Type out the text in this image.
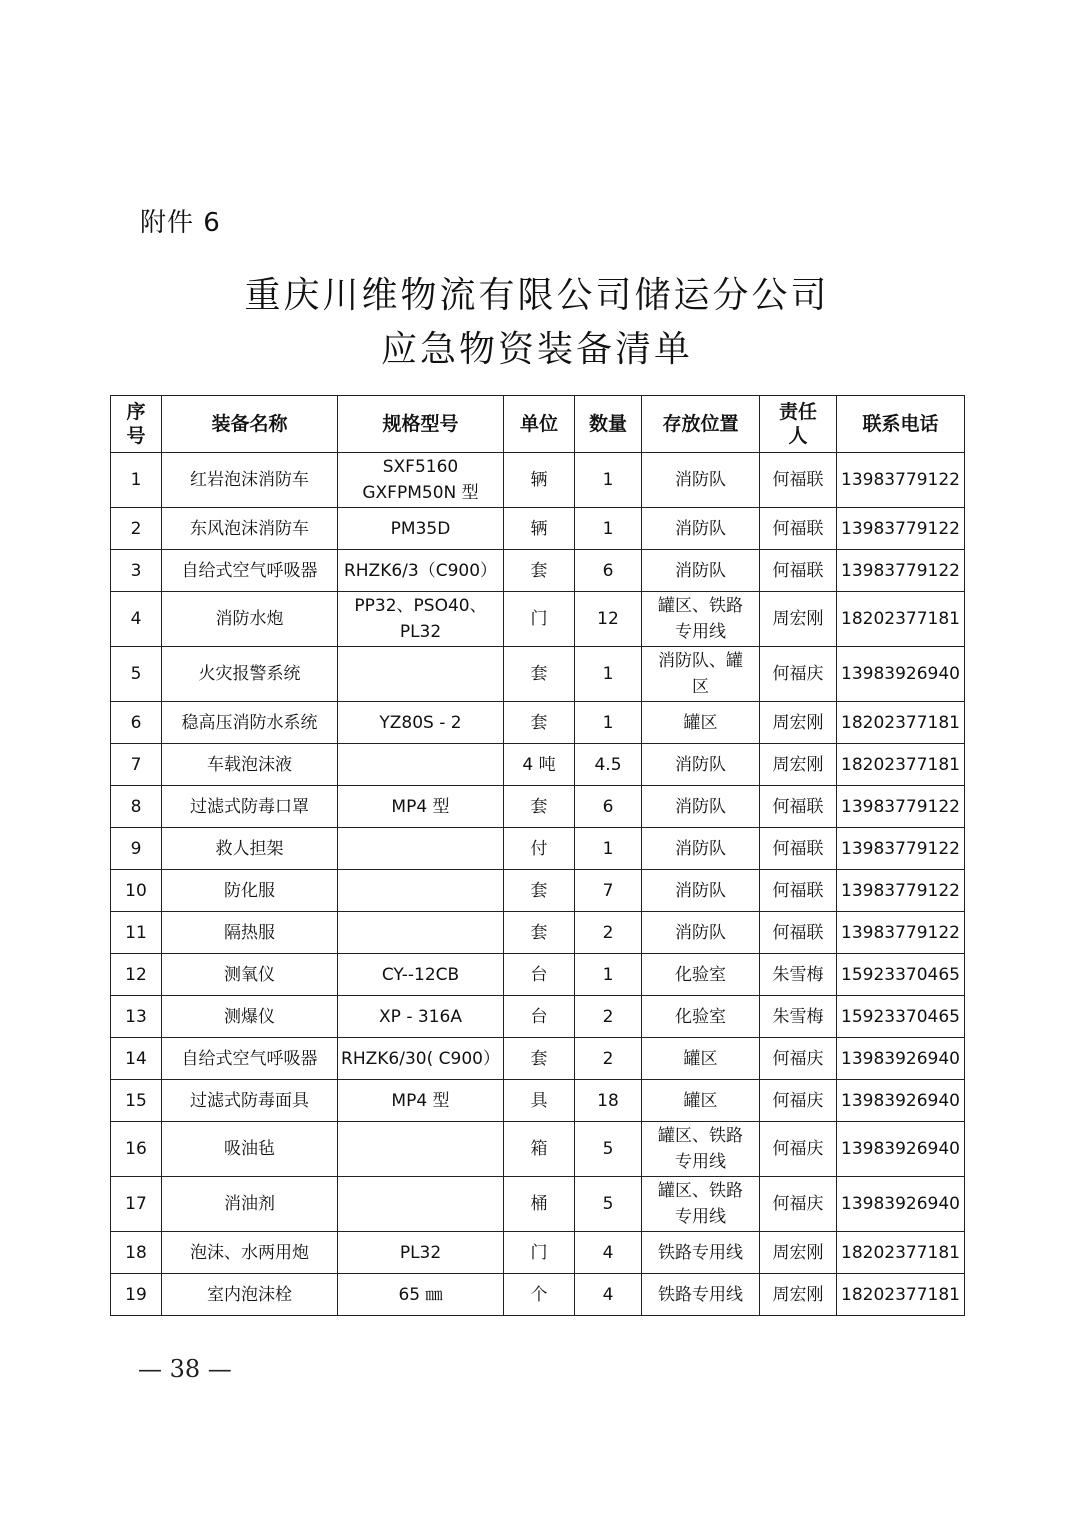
附件 6
重庆川维物流有限公司储运分公司
应急物资装备清单
序
号	装备名称	规格型号	单位	数量	存放位置	责任
人	联系电话

1	红岩泡沫消防车	SXF5160
GXFPM50N 型	辆	1	消防队	何福联	13983779122

2	东风泡沫消防车	PM35D	辆	1	消防队	何福联	13983779122

3	自给式空气呼吸器	RHZK6/3（C900）	套	6	消防队	何福联	13983779122

4	消防水炮	PP32、PSO40、
PL32	门	12	罐区、铁路
专用线	周宏刚	18202377181

5	火灾报警系统		套	1	消防队、罐
区	何福庆	13983926940

6	稳高压消防水系统	YZ80S - 2	套	1	罐区	周宏刚	18202377181

7	车载泡沫液		4 吨	4.5	消防队	周宏刚	18202377181

8	过滤式防毒口罩	MP4 型	套	6	消防队	何福联	13983779122

9	救人担架		付	1	消防队	何福联	13983779122

10	防化服		套	7	消防队	何福联	13983779122

11	隔热服		套	2	消防队	何福联	13983779122

12	测氧仪	CY--12CB	台	1	化验室	朱雪梅	15923370465

13	测爆仪	XP - 316A	台	2	化验室	朱雪梅	15923370465

14	自给式空气呼吸器	RHZK6/30( C900）	套	2	罐区	何福庆	13983926940

15	过滤式防毒面具	MP4 型	具	18	罐区	何福庆	13983926940

16	吸油毡		箱	5	罐区、铁路
专用线	何福庆	13983926940

17	消油剂		桶	5	罐区、铁路
专用线	何福庆	13983926940

18	泡沫、水两用炮	PL32	门	4	铁路专用线	周宏刚	18202377181

19	室内泡沫栓	65 ㎜	个	4	铁路专用线	周宏刚	18202377181
— 38 —
